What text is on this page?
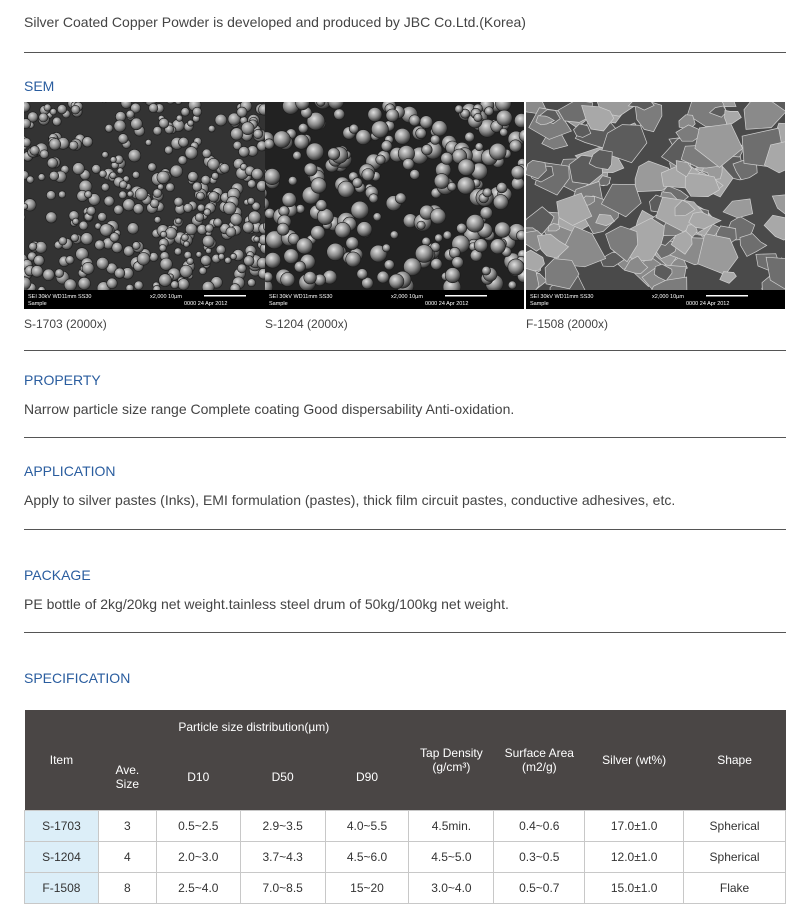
Silver Coated Copper Powder is developed and produced by JBC Co.Ltd.(Korea)
SEM
SEI 30kV WD11mm SS30
Sample
x2,000 10µm
0000 24 Apr 2012
S-1703 (2000x)
SEI 30kV WD11mm SS30
Sample
x2,000 10µm
0000 24 Apr 2012
S-1204 (2000x)
SEI 30kV WD11mm SS30
Sample
x2,000 10µm
0000 24 Apr 2012
F-1508 (2000x)
PROPERTY
Narrow particle size range Complete coating Good dispersability Anti-oxidation.
APPLICATION
Apply to silver pastes (Inks), EMI formulation (pastes), thick film circuit pastes, conductive adhesives, etc.
PACKAGE
PE bottle of 2kg/20kg net weight.tainless steel drum of 50kg/100kg net weight.
SPECIFICATION
Item		Particle size distribution(µm)			Tap Density (g/cm³)	Surface Area (m2/g)	Silver (wt%)	Shape
	Ave. Size	D10	D50	D90				
S-1703	3	0.5~2.5	2.9~3.5	4.0~5.5	4.5min.	0.4~0.6	17.0±1.0	Spherical
S-1204	4	2.0~3.0	3.7~4.3	4.5~6.0	4.5~5.0	0.3~0.5	12.0±1.0	Spherical
F-1508	8	2.5~4.0	7.0~8.5	15~20	3.0~4.0	0.5~0.7	15.0±1.0	Flake
